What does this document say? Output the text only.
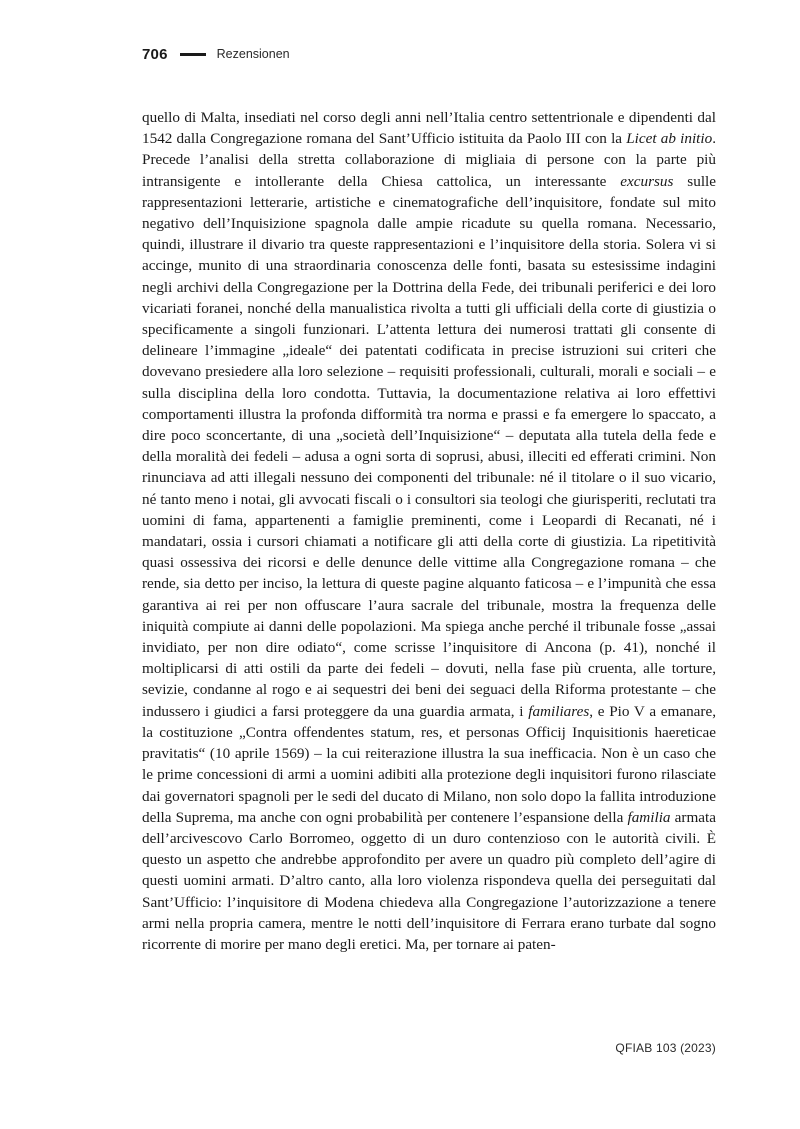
706	Rezensionen

quello di Malta, insediati nel corso degli anni nell’Italia centro settentrionale e dipendenti dal 1542 dalla Congregazione romana del Sant’Ufficio istituita da Paolo III con la Licet ab initio. Precede l’analisi della stretta collaborazione di migliaia di persone con la parte più intransigente e intollerante della Chiesa cattolica, un interessante excursus sulle rappresentazioni letterarie, artistiche e cinematografiche dell’inquisitore, fondate sul mito negativo dell’Inquisizione spagnola dalle ampie ricadute su quella romana. Necessario, quindi, illustrare il divario tra queste rappresentazioni e l’inquisitore della storia. Solera vi si accinge, munito di una straordinaria conoscenza delle fonti, basata su estesissime indagini negli archivi della Congregazione per la Dottrina della Fede, dei tribunali periferici e dei loro vicariati foranei, nonché della manualistica rivolta a tutti gli ufficiali della corte di giustizia o specificamente a singoli funzionari. L’attenta lettura dei numerosi trattati gli consente di delineare l’immagine „ideale“ dei patentati codificata in precise istruzioni sui criteri che dovevano presiedere alla loro selezione – requisiti professionali, culturali, morali e sociali – e sulla disciplina della loro condotta. Tuttavia, la documentazione relativa ai loro effettivi comportamenti illustra la profonda difformità tra norma e prassi e fa emergere lo spaccato, a dire poco sconcertante, di una „società dell’Inquisizione“ – deputata alla tutela della fede e della moralità dei fedeli – adusa a ogni sorta di soprusi, abusi, illeciti ed efferati crimini. Non rinunciava ad atti illegali nessuno dei componenti del tribunale: né il titolare o il suo vicario, né tanto meno i notai, gli avvocati fiscali o i consultori sia teologi che giurisperiti, reclutati tra uomini di fama, appartenenti a famiglie preminenti, come i Leopardi di Recanati, né i mandatari, ossia i cursori chiamati a notificare gli atti della corte di giustizia. La ripetitività quasi ossessiva dei ricorsi e delle denunce delle vittime alla Congregazione romana – che rende, sia detto per inciso, la lettura di queste pagine alquanto faticosa – e l’impunità che essa garantiva ai rei per non offuscare l’aura sacrale del tribunale, mostra la frequenza delle iniquità compiute ai danni delle popolazioni. Ma spiega anche perché il tribunale fosse „assai invidiato, per non dire odiato“, come scrisse l’inquisitore di Ancona (p. 41), nonché il moltiplicarsi di atti ostili da parte dei fedeli – dovuti, nella fase più cruenta, alle torture, sevizie, condanne al rogo e ai sequestri dei beni dei seguaci della Riforma protestante – che indussero i giudici a farsi proteggere da una guardia armata, i familiares, e Pio V a emanare, la costituzione „Contra offendentes statum, res, et personas Officij Inquisitionis haereticae pravitatis“ (10 aprile 1569) – la cui reiterazione illustra la sua inefficacia. Non è un caso che le prime concessioni di armi a uomini adibiti alla protezione degli inquisitori furono rilasciate dai governatori spagnoli per le sedi del ducato di Milano, non solo dopo la fallita introduzione della Suprema, ma anche con ogni probabilità per contenere l’espansione della familia armata dell’arcivescovo Carlo Borromeo, oggetto di un duro contenzioso con le autorità civili. È questo un aspetto che andrebbe approfondito per avere un quadro più completo dell’agire di questi uomini armati. D’altro canto, alla loro violenza rispondeva quella dei perseguitati dal Sant’Ufficio: l’inquisitore di Modena chiedeva alla Congregazione l’autorizzazione a tenere armi nella propria camera, mentre le notti dell’inquisitore di Ferrara erano turbate dal sogno ricorrente di morire per mano degli eretici. Ma, per tornare ai paten-

QFIAB 103 (2023)
